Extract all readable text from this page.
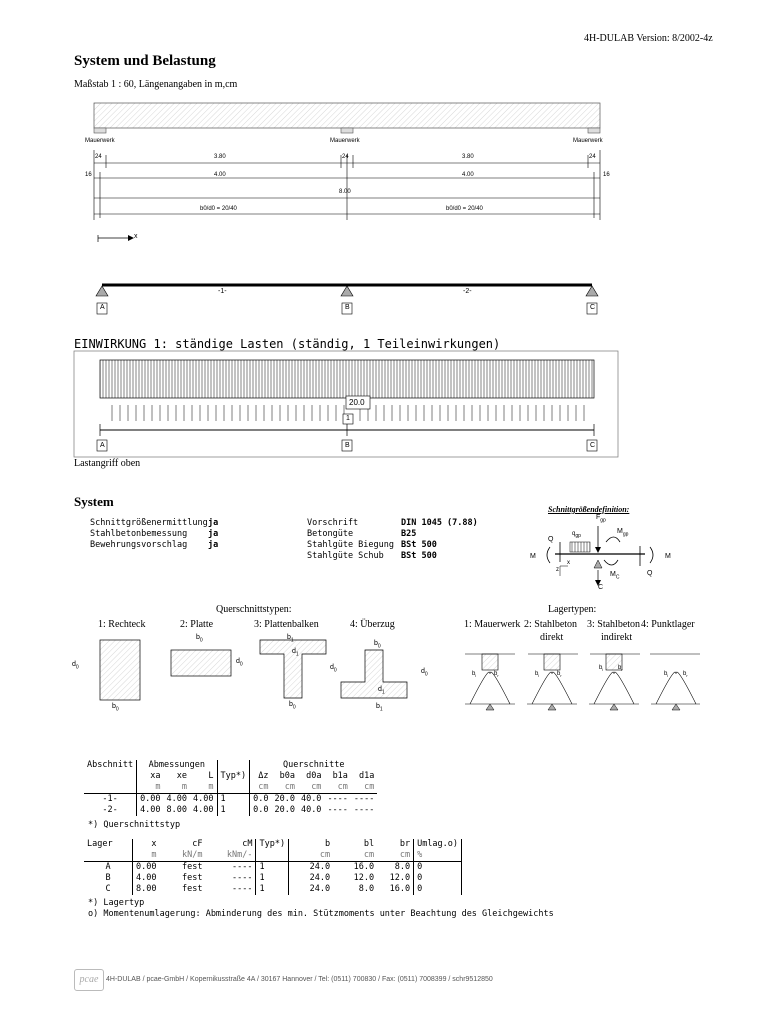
4H-DULAB Version: 8/2002-4z
System und Belastung
Maßstab 1 : 60, Längenangaben in m,cm
Mauerwerk	Mauerwerk	Mauerwerk
24	3.80	24	3.80	24
16	4.00	4.00	16
8.00
b0/d0 = 20/40	b0/d0 = 20/40
x
-1-	-2-
A	B	C
EINWIRKUNG 1: ständige Lasten (ständig, 1 Teileinwirkungen)
20.0
1
A	B	C
Lastangriff oben
System
Schnittgrößenermittlungja
Stahlbetonbemessung ja
Bewehrungsvorschlag ja
Vorschrift	DIN 1045 (7.88)
Betongüte	B25
Stahlgüte Biegung BSt 500
Stahlgüte Schub BSt 500
Schnittgrößendefinition:
$F_{gp}$
$M_{gp}$
$q_{gp}$
Q
M	M
Q
$M_C$
C
x
z
Querschnittstypen:
1: Rechteck	2: Platte	3: Plattenbalken	4: Überzug
$d_0$
$b_0$
$b_0$
$d_0$
$b_1$
$d_1$
$d_0$
$b_0$
$b_0$
$d_0$
$d_1$
$b_1$
Lagertypen:
1: Mauerwerk 2: Stahlbeton 3: Stahlbeton 4: Punktlager
direkt	indirekt
$b_l$	$b_r$	$b_l$	$b_r$
$b_l$ $b_r$
$b_l$ $b_r$
Abschnitt	Abmessungen				Querschnitte				
	xa	xe	L	Typ*)	Δz	b0a	d0a	b1a	d1a
	m	m	m		cm	cm	cm	cm	cm
-1-	0.00	4.00	4.00	1	0.0	20.0	40.0	----	----
-2-	4.00	8.00	4.00	1	0.0	20.0	40.0	----	----
*) Querschnittstyp
Lager	x	cF	cM	Typ*)	b	bl	br	Umlag.o)
	m	kN/m	kNm/-		cm	cm	cm	%
A	0.00	fest	----	1	24.0	16.0	8.0	0
B	4.00	fest	----	1	24.0	12.0	12.0	0
C	8.00	fest	----	1	24.0	8.0	16.0	0
*) Lagertyp
o) Momentenumlagerung: Abminderung des min. Stützmoments unter Beachtung des Gleichgewichts
pcae	4H-DULAB / pcae-GmbH / Kopernikusstraße 4A / 30167 Hannover / Tel: (0511) 700830 / Fax: (0511) 7008399 / schr9512850
